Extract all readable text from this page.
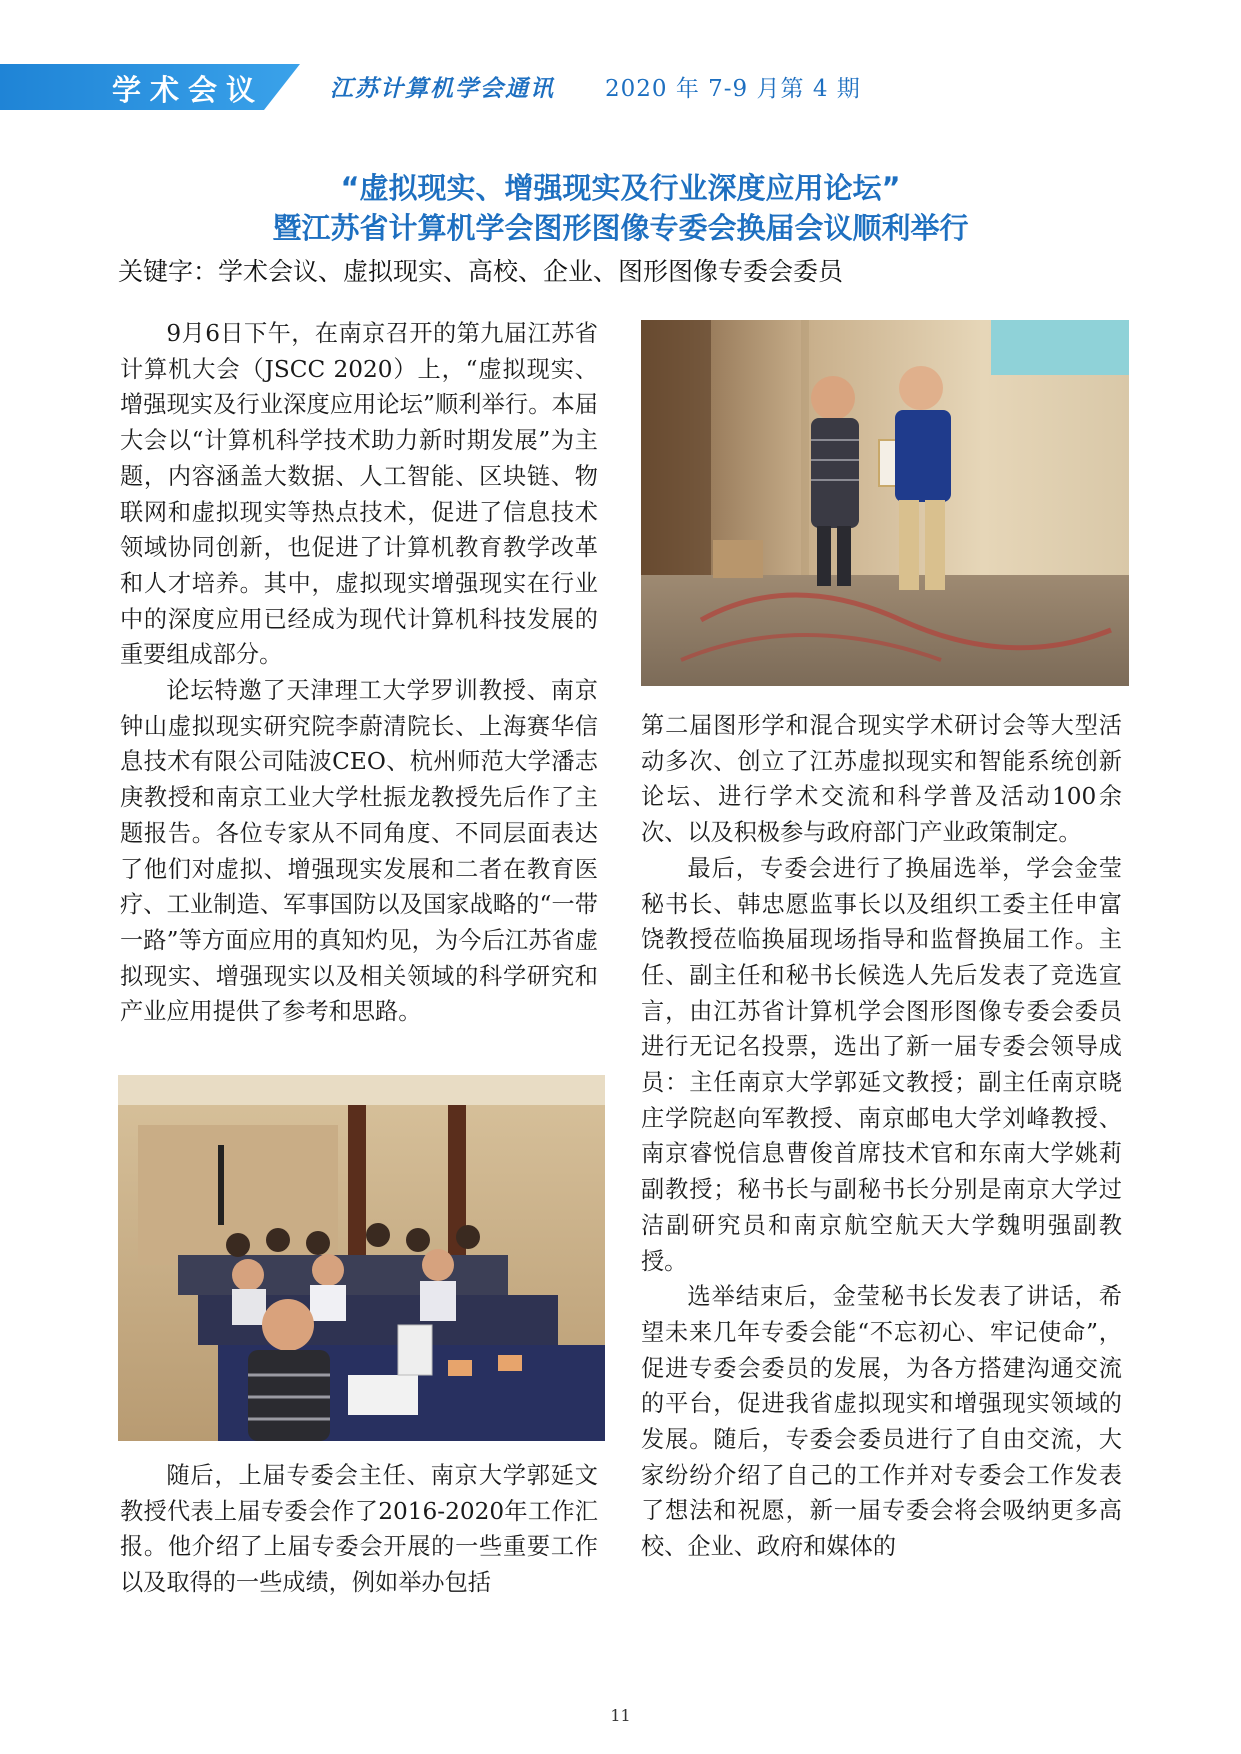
学术会议	江苏计算机学会通讯 2020 年 7-9 月第 4 期
“虚拟现实、增强现实及行业深度应用论坛”
暨江苏省计算机学会图形图像专委会换届会议顺利举行
关键字：学术会议、虚拟现实、高校、企业、图形图像专委会委员

9月6日下午，在南京召开的第九届江苏省计算机大会（JSCC 2020）上，“虚拟现实、增强现实及行业深度应用论坛”顺利举行。本届大会以“计算机科学技术助力新时期发展”为主题，内容涵盖大数据、人工智能、区块链、物联网和虚拟现实等热点技术，促进了信息技术领域协同创新，也促进了计算机教育教学改革和人才培养。其中，虚拟现实增强现实在行业中的深度应用已经成为现代计算机科技发展的重要组成部分。

论坛特邀了天津理工大学罗训教授、南京钟山虚拟现实研究院李蔚清院长、上海赛华信息技术有限公司陆波CEO、杭州师范大学潘志庚教授和南京工业大学杜振龙教授先后作了主题报告。各位专家从不同角度、不同层面表达了他们对虚拟、增强现实发展和二者在教育医疗、工业制造、军事国防以及国家战略的“一带一路”等方面应用的真知灼见，为今后江苏省虚拟现实、增强现实以及相关领域的科学研究和产业应用提供了参考和思路。

第二届图形学和混合现实学术研讨会等大型活动多次、创立了江苏虚拟现实和智能系统创新论坛、进行学术交流和科学普及活动100余次、以及积极参与政府部门产业政策制定。

最后，专委会进行了换届选举，学会金莹秘书长、韩忠愿监事长以及组织工委主任申富饶教授莅临换届现场指导和监督换届工作。主任、副主任和秘书长候选人先后发表了竞选宣言，由江苏省计算机学会图形图像专委会委员进行无记名投票，选出了新一届专委会领导成员：主任南京大学郭延文教授；副主任南京晓庄学院赵向军教授、南京邮电大学刘峰教授、南京睿悦信息曹俊首席技术官和东南大学姚莉副教授；秘书长与副秘书长分别是南京大学过洁副研究员和南京航空航天大学魏明强副教授。

选举结束后，金莹秘书长发表了讲话，希望未来几年专委会能“不忘初心、牢记使命”，促进专委会委员的发展，为各方搭建沟通交流的平台，促进我省虚拟现实和增强现实领域的发展。随后，专委会委员进行了自由交流，大家纷纷介绍了自己的工作并对专委会工作发表了想法和祝愿，新一届专委会将会吸纳更多高校、企业、政府和媒体的

随后，上届专委会主任、南京大学郭延文教授代表上届专委会作了2016-2020年工作汇报。他介绍了上届专委会开展的一些重要工作以及取得的一些成绩，例如举办包括

11
